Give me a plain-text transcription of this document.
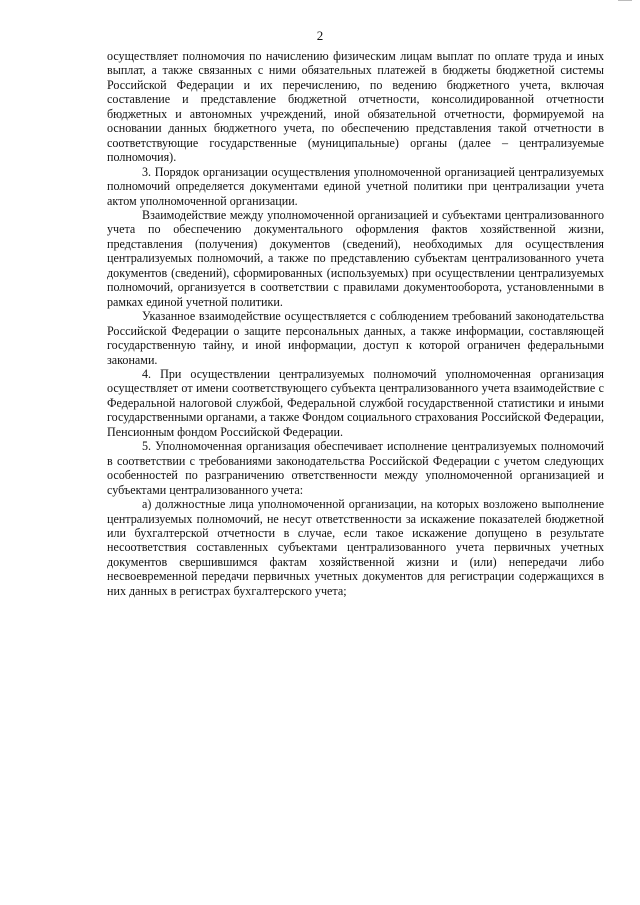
2

осуществляет полномочия по начислению физическим лицам выплат по оплате труда и иных выплат, а также связанных с ними обязательных платежей в бюджеты бюджетной системы Российской Федерации и их перечислению, по ведению бюджетного учета, включая составление и представление бюджетной отчетности, консолидированной отчетности бюджетных и автономных учреждений, иной обязательной отчетности, формируемой на основании данных бюджетного учета, по обеспечению представления такой отчетности в соответствующие государственные (муниципальные) органы (далее – централизуемые полномочия).

3. Порядок организации осуществления уполномоченной организацией централизуемых полномочий определяется документами единой учетной политики при централизации учета актом уполномоченной организации.

Взаимодействие между уполномоченной организацией и субъектами централизованного учета по обеспечению документального оформления фактов хозяйственной жизни, представления (получения) документов (сведений), необходимых для осуществления централизуемых полномочий, а также по представлению субъектам централизованного учета документов (сведений), сформированных (используемых) при осуществлении централизуемых полномочий, организуется в соответствии с правилами документооборота, установленными в рамках единой учетной политики.

Указанное взаимодействие осуществляется с соблюдением требований законодательства Российской Федерации о защите персональных данных, а также информации, составляющей государственную тайну, и иной информации, доступ к которой ограничен федеральными законами.

4. При осуществлении централизуемых полномочий уполномоченная организация осуществляет от имени соответствующего субъекта централизованного учета взаимодействие с Федеральной налоговой службой, Федеральной службой государственной статистики и иными государственными органами, а также Фондом социального страхования Российской Федерации, Пенсионным фондом Российской Федерации.

5. Уполномоченная организация обеспечивает исполнение централизуемых полномочий в соответствии с требованиями законодательства Российской Федерации с учетом следующих особенностей по разграничению ответственности между уполномоченной организацией и субъектами централизованного учета:

а) должностные лица уполномоченной организации, на которых возложено выполнение централизуемых полномочий, не несут ответственности за искажение показателей бюджетной или бухгалтерской отчетности в случае, если такое искажение допущено в результате несоответствия составленных субъектами централизованного учета первичных учетных документов свершившимся фактам хозяйственной жизни и (или) непередачи либо несвоевременной передачи первичных учетных документов для регистрации содержащихся в них данных в регистрах бухгалтерского учета;
